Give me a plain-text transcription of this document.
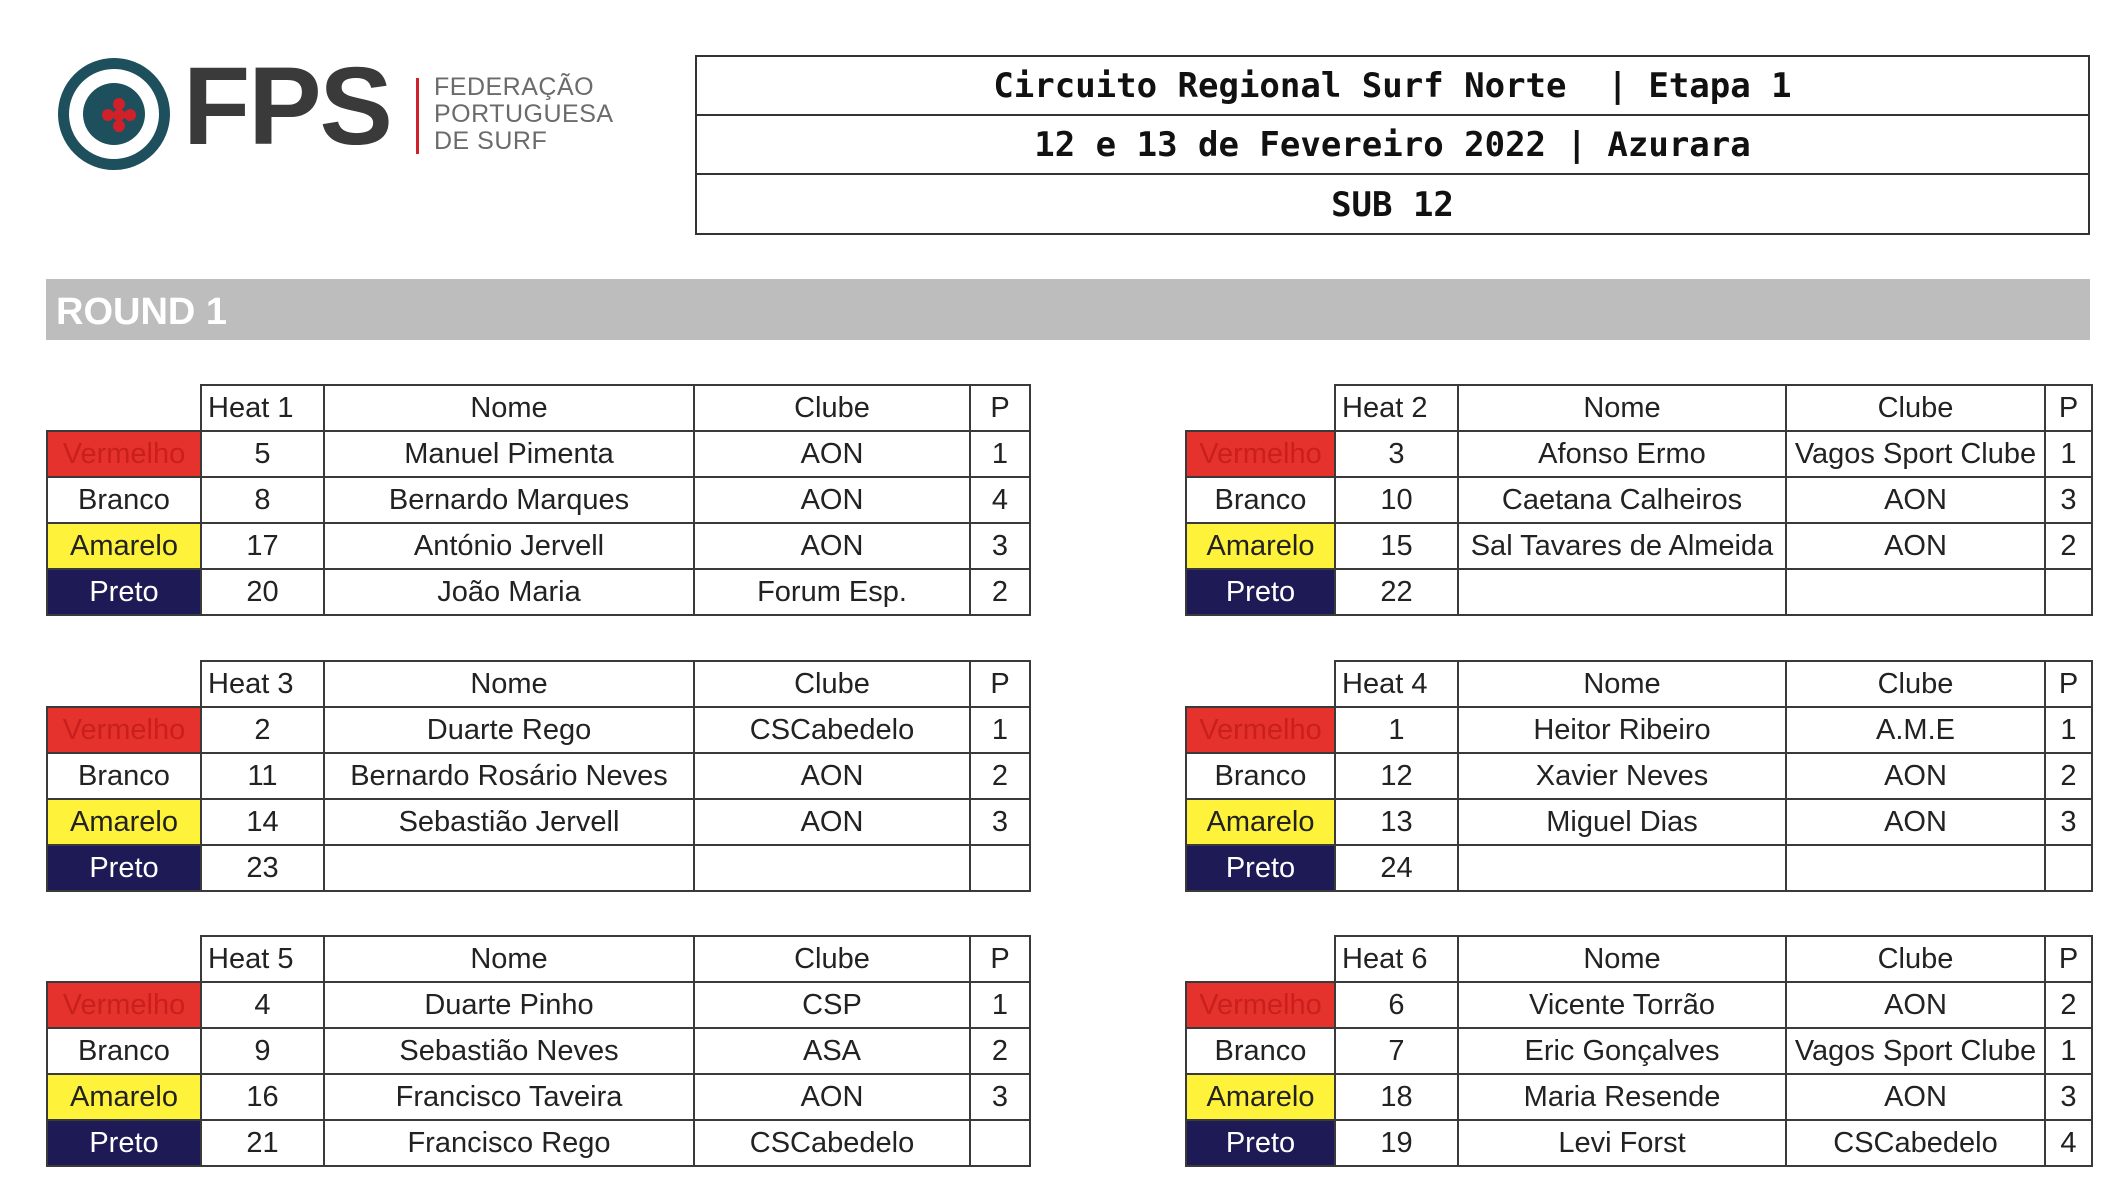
FPS FEDERAÇÃO
PORTUGUESA
DE SURF
Circuito Regional Surf Norte  | Etapa 1
12 e 13 de Fevereiro 2022 | Azurara
SUB 12
ROUND 1
	Heat 1	Nome	Clube	P
Vermelho	5	Manuel Pimenta	AON	1
Branco	8	Bernardo Marques	AON	4
Amarelo	17	António Jervell	AON	3
Preto	20	João Maria	Forum Esp.	2
	Heat 2	Nome	Clube	P
Vermelho	3	Afonso Ermo	Vagos Sport Clube	1
Branco	10	Caetana Calheiros	AON	3
Amarelo	15	Sal Tavares de Almeida	AON	2
Preto	22			
	Heat 3	Nome	Clube	P
Vermelho	2	Duarte Rego	CSCabedelo	1
Branco	11	Bernardo Rosário Neves	AON	2
Amarelo	14	Sebastião Jervell	AON	3
Preto	23			
	Heat 4	Nome	Clube	P
Vermelho	1	Heitor Ribeiro	A.M.E	1
Branco	12	Xavier Neves	AON	2
Amarelo	13	Miguel Dias	AON	3
Preto	24			
	Heat 5	Nome	Clube	P
Vermelho	4	Duarte Pinho	CSP	1
Branco	9	Sebastião Neves	ASA	2
Amarelo	16	Francisco Taveira	AON	3
Preto	21	Francisco Rego	CSCabedelo	
	Heat 6	Nome	Clube	P
Vermelho	6	Vicente Torrão	AON	2
Branco	7	Eric Gonçalves	Vagos Sport Clube	1
Amarelo	18	Maria Resende	AON	3
Preto	19	Levi Forst	CSCabedelo	4
